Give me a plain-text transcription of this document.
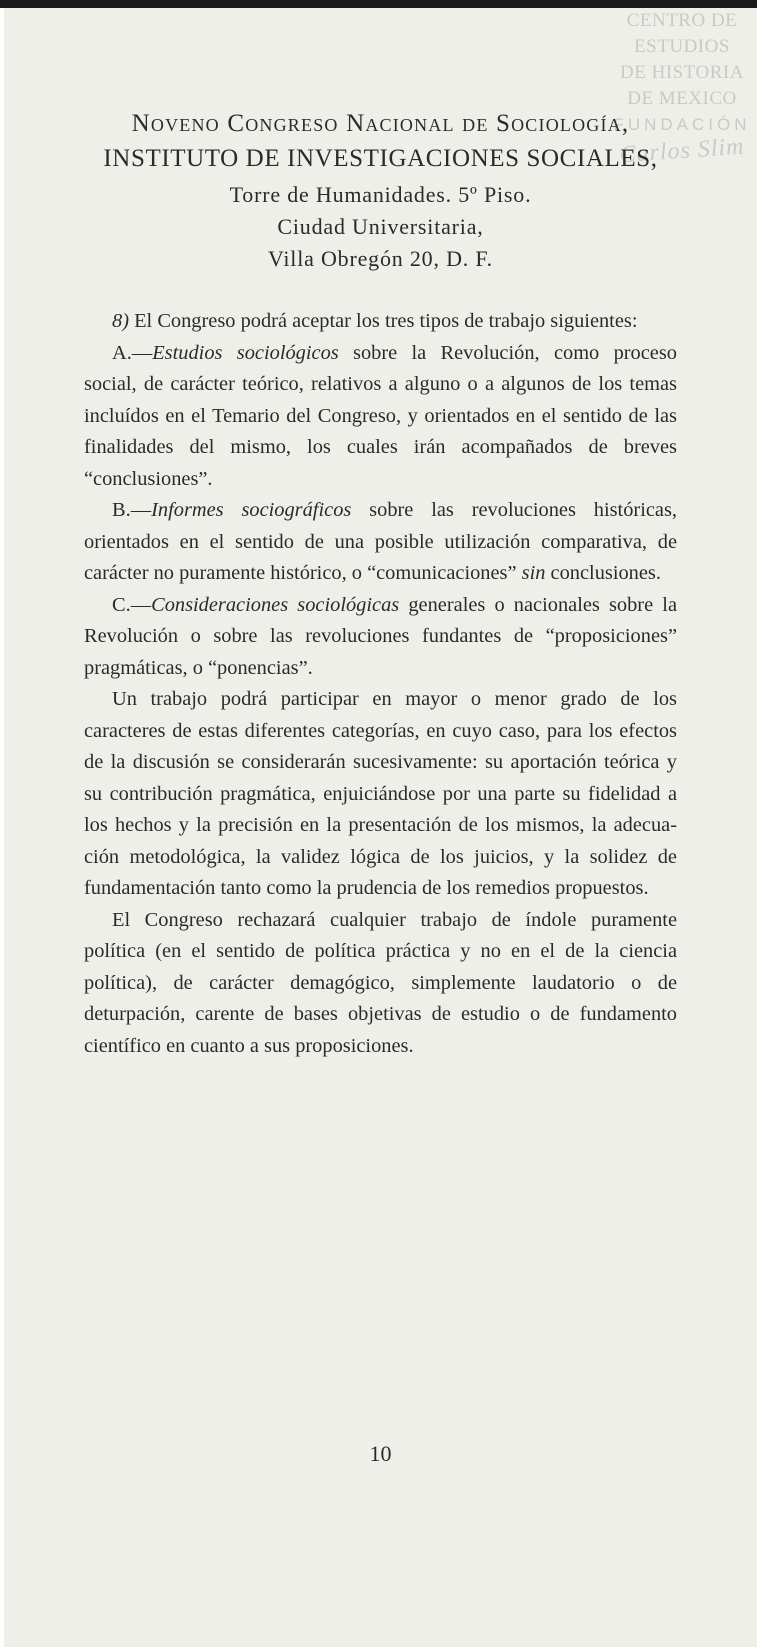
CENTRO DE
ESTUDIOS
DE HISTORIA
DE MEXICO
FUNDACIÓN
Carlos Slim
Noveno Congreso Nacional de Sociología,
INSTITUTO DE INVESTIGACIONES SOCIALES,
Torre de Humanidades. 5º Piso.
Ciudad Universitaria,
Villa Obregón 20, D. F.

8) El Congreso podrá aceptar los tres tipos de trabajo siguientes:

A.—Estudios sociológicos sobre la Revolución, como proceso social, de carácter teórico, relativos a alguno o a algunos de los temas incluídos en el Temario del Congreso, y orientados en el sentido de las finalidades del mismo, los cuales irán acompañados de breves “conclusiones”.

B.—Informes sociográficos sobre las revoluciones históricas, orientados en el sentido de una posible utilización comparativa, de carácter no puramente histórico, o “comunicaciones” sin conclusiones.

C.—Consideraciones sociológicas generales o nacionales sobre la Revolución o sobre las revoluciones fundantes de “proposiciones” pragmáticas, o “ponencias”.

Un trabajo podrá participar en mayor o menor grado de los caracteres de estas diferentes categorías, en cuyo caso, para los efectos de la discusión se considerarán sucesivamente: su aportación teórica y su contribución pragmática, enjuiciándose por una parte su fidelidad a los hechos y la precisión en la presentación de los mismos, la adecuación metodológica, la validez lógica de los juicios, y la solidez de fundamentación tanto como la prudencia de los remedios propuestos.

El Congreso rechazará cualquier trabajo de índole puramente política (en el sentido de política práctica y no en el de la ciencia política), de carácter demagógico, simplemente laudatorio o de deturpación, carente de bases objetivas de estudio o de fundamento científico en cuanto a sus proposiciones.

10
